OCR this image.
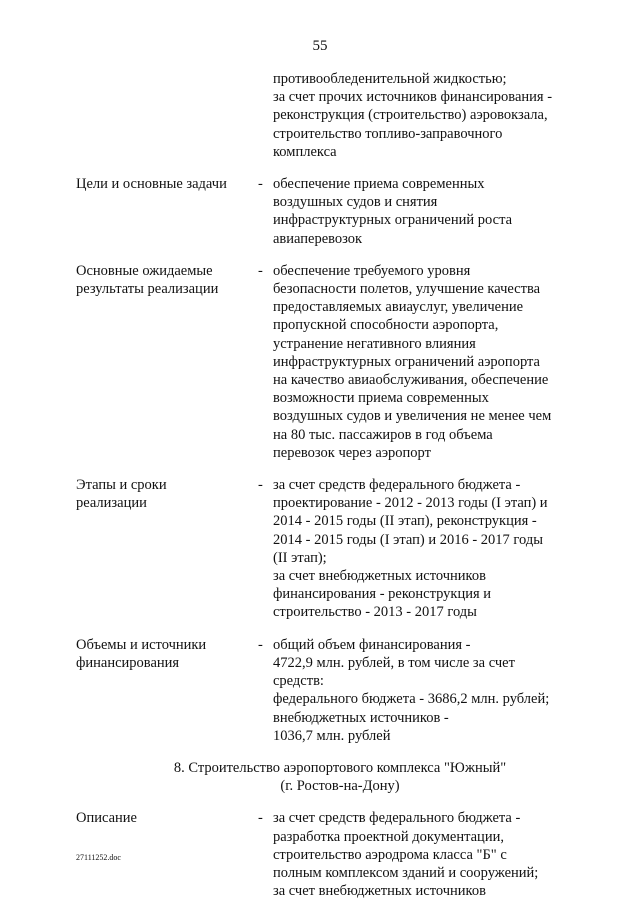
55
противообледенительной жидкостью;
за счет прочих источников финансирования -
реконструкция (строительство) аэровокзала,
строительство топливо-заправочного
комплекса
Цели и основные задачи	- обеспечение приема современных
воздушных судов и снятия
инфраструктурных ограничений роста
авиаперевозок
Основные ожидаемые
результаты реализации
- обеспечение требуемого уровня
безопасности полетов, улучшение качества
предоставляемых авиауслуг, увеличение
пропускной способности аэропорта,
устранение негативного влияния
инфраструктурных ограничений аэропорта
на качество авиаобслуживания, обеспечение
возможности приема современных
воздушных судов и увеличения не менее чем
на 80 тыс. пассажиров в год объема
перевозок через аэропорт
Этапы и сроки
реализации
- за счет средств федерального бюджета -
проектирование - 2012 - 2013 годы (I этап) и
2014 - 2015 годы (II этап), реконструкция -
2014 - 2015 годы (I этап) и 2016 - 2017 годы
(II этап);
за счет внебюджетных источников
финансирования - реконструкция и
строительство - 2013 - 2017 годы
Объемы и источники
финансирования
- общий объем финансирования -
4722,9 млн. рублей, в том числе за счет
средств:
федерального бюджета - 3686,2 млн. рублей;
внебюджетных источников -
1036,7 млн. рублей
8. Строительство аэропортового комплекса "Южный"
(г. Ростов-на-Дону)
Описание	- за счет средств федерального бюджета -
разработка проектной документации,
строительство аэродрома класса "Б" с
полным комплексом зданий и сооружений;
за счет внебюджетных источников
27111252.doc
